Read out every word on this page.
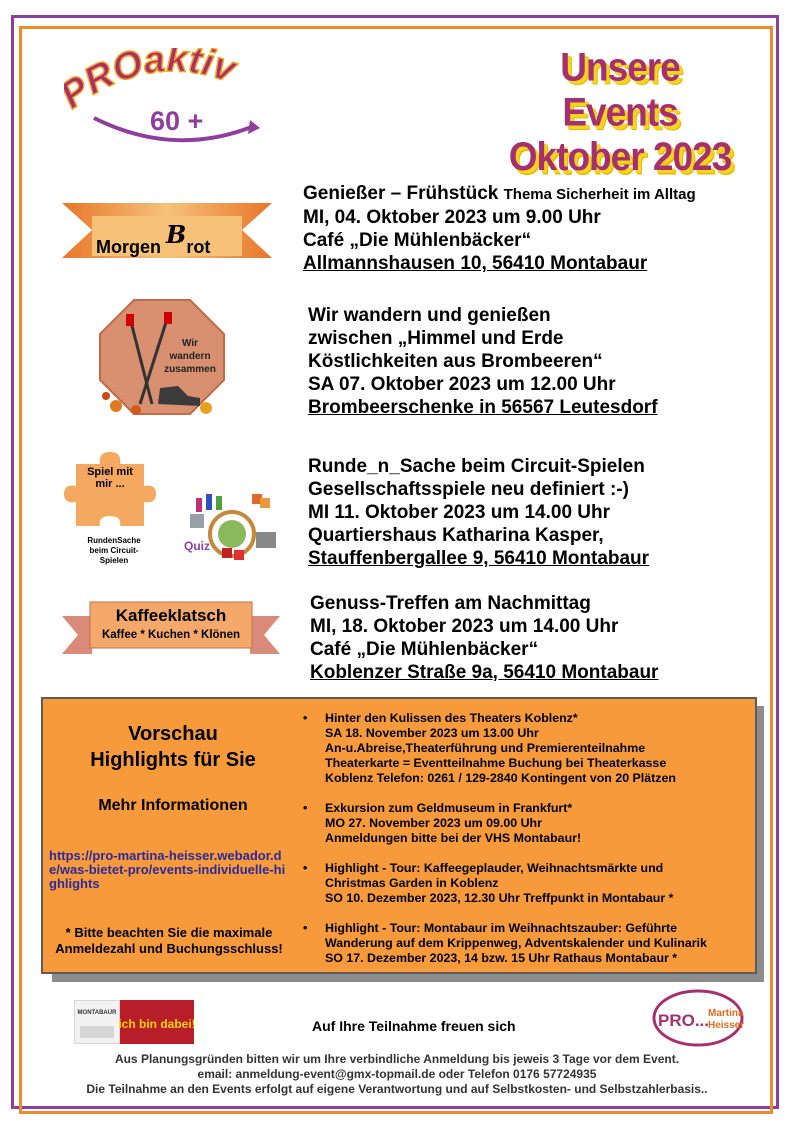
ROaktiv
60 +
Unsere Events
Oktober 2023
Morgen Brot
Genießer – Frühstück Thema Sicherheit im Alltag
MI, 04. Oktober 2023 um 9.00 Uhr
Café „Die Mühlenbäcker“
Allmannshausen 10, 56410 Montabaur
Wir
wandern
zusammen
Wir wandern und genießen
zwischen „Himmel und Erde
Köstlichkeiten aus Brombeeren“
SA 07. Oktober 2023 um 12.00 Uhr
Brombeerschenke in 56567 Leutesdorf
Spiel mit mir ...
RundenSache beim Circuit-Spielen
Quiz
Runde_n_Sache beim Circuit-Spielen
Gesellschaftsspiele neu definiert :-)
MI 11. Oktober 2023 um 14.00 Uhr
Quartiershaus Katharina Kasper,
Stauffenbergallee 9, 56410 Montabaur
Kaffeeklatsch
Kaffee * Kuchen * Klönen
Genuss-Treffen am Nachmittag
MI, 18. Oktober 2023 um 14.00 Uhr
Café „Die Mühlenbäcker“
Koblenzer Straße 9a, 56410 Montabaur
Vorschau
Highlights für Sie
Mehr Informationen
https://pro-martina-heisser.webador.de/was-bietet-pro/events-individuelle-highlights
* Bitte beachten Sie die maximale Anmeldezahl und Buchungsschluss!
• Hinter den Kulissen des Theaters Koblenz*
SA 18. November 2023 um 13.00 Uhr
An-u.Abreise,Theaterführung und Premierenteilnahme
Theaterkarte = Eventteilnahme Buchung bei Theaterkasse
Koblenz Telefon: 0261 / 129-2840 Kontingent von 20 Plätzen
• Exkursion zum Geldmuseum in Frankfurt*
MO 27. November 2023 um 09.00 Uhr
Anmeldungen bitte bei der VHS Montabaur!
• Highlight - Tour: Kaffeegeplauder, Weihnachtsmärkte und
Christmas Garden in Koblenz
SO 10. Dezember 2023, 12.30 Uhr Treffpunkt in Montabaur *
• Highlight - Tour: Montabaur im Weihnachtszauber: Geführte
Wanderung auf dem Krippenweg, Adventskalender und Kulinarik
SO 17. Dezember 2023, 14 bzw. 15 Uhr Rathaus Montabaur *
MONTABAUR
ich bin dabei!	Auf Ihre Teilnahme freuen sich	PRO...
Martina
Heisser
Aus Planungsgründen bitten wir um Ihre verbindliche Anmeldung bis jeweis 3 Tage vor dem Event.
email: anmeldung-event@gmx-topmail.de oder Telefon 0176 57724935
Die Teilnahme an den Events erfolgt auf eigene Verantwortung und auf Selbstkosten- und Selbstzahlerbasis..
